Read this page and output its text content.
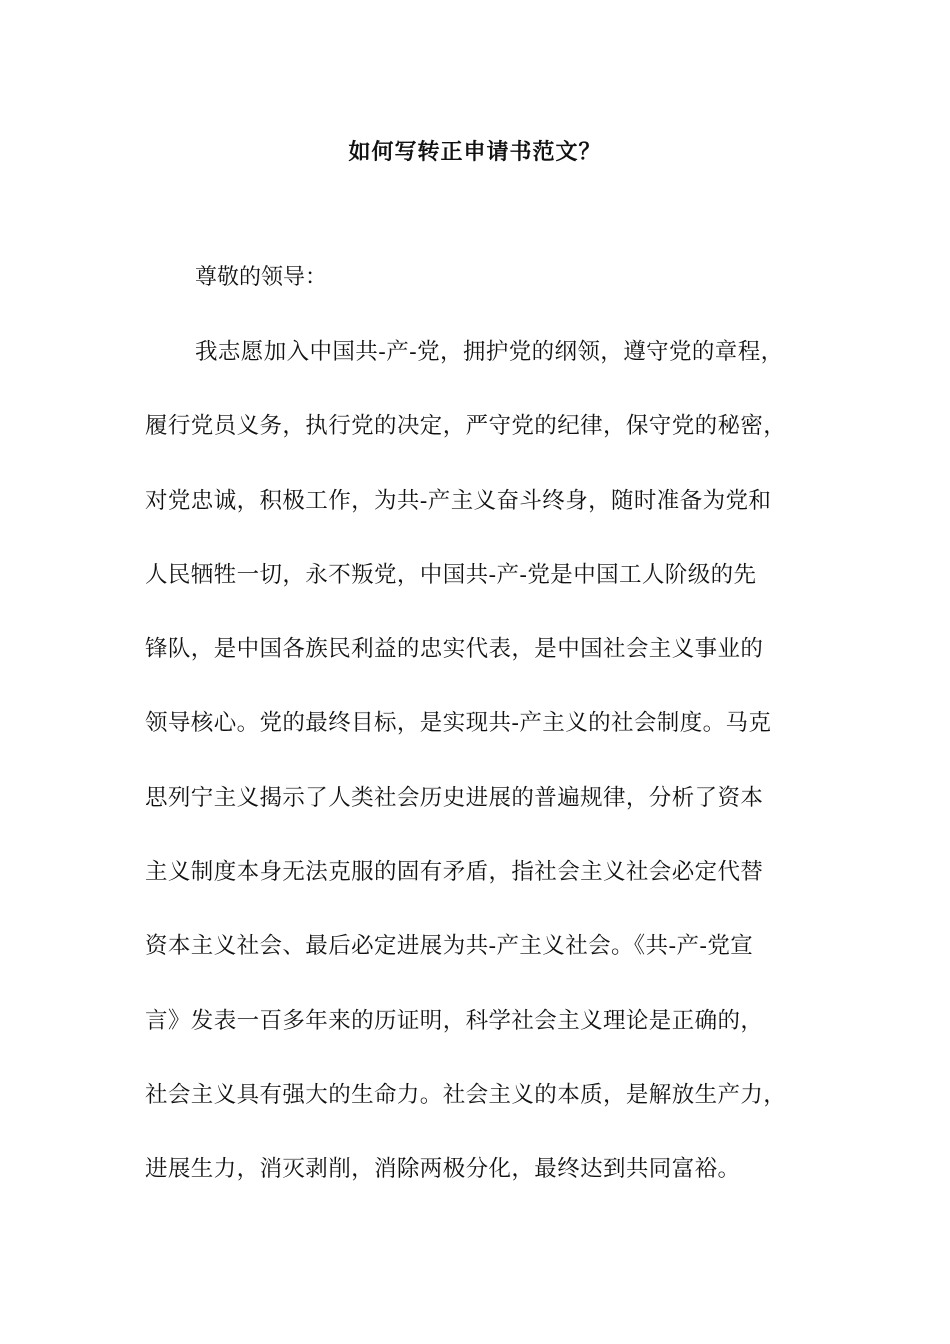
如何写转正申请书范文？
尊敬的领导：
我志愿加入中国共-产-党，拥护党的纲领，遵守党的章程，
履行党员义务，执行党的决定，严守党的纪律，保守党的秘密，
对党忠诚，积极工作，为共-产主义奋斗终身，随时准备为党和
人民牺牲一切，永不叛党，中国共-产-党是中国工人阶级的先
锋队，是中国各族民利益的忠实代表，是中国社会主义事业的
领导核心。党的最终目标，是实现共-产主义的社会制度。马克
思列宁主义揭示了人类社会历史进展的普遍规律，分析了资本
主义制度本身无法克服的固有矛盾，指社会主义社会必定代替
资本主义社会、最后必定进展为共-产主义社会。《共-产-党宣
言》发表一百多年来的历证明，科学社会主义理论是正确的，
社会主义具有强大的生命力。社会主义的本质，是解放生产力，
进展生力，消灭剥削，消除两极分化，最终达到共同富裕。
